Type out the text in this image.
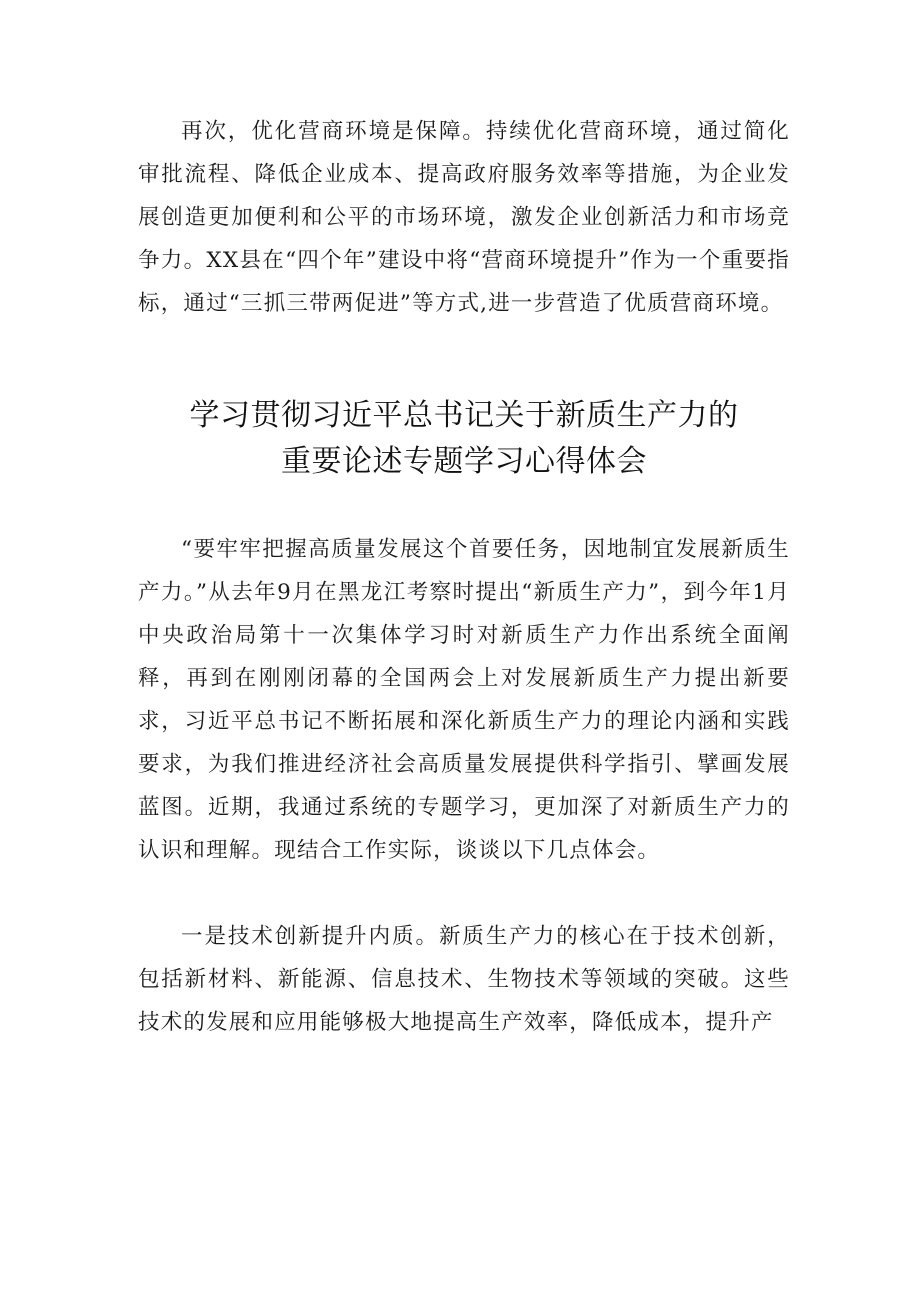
再次，优化营商环境是保障。持续优化营商环境，通过简化审批流程、降低企业成本、提高政府服务效率等措施，为企业发展创造更加便利和公平的市场环境，激发企业创新活力和市场竞争力。XX县在“四个年”建设中将“营商环境提升”作为一个重要指标，通过“三抓三带两促进”等方式,进一步营造了优质营商环境。

学习贯彻习近平总书记关于新质生产力的
重要论述专题学习心得体会

“要牢牢把握高质量发展这个首要任务，因地制宜发展新质生产力。”从去年9月在黑龙江考察时提出“新质生产力”，到今年1月中央政治局第十一次集体学习时对新质生产力作出系统全面阐释，再到在刚刚闭幕的全国两会上对发展新质生产力提出新要求，习近平总书记不断拓展和深化新质生产力的理论内涵和实践要求，为我们推进经济社会高质量发展提供科学指引、擘画发展蓝图。近期，我通过系统的专题学习，更加深了对新质生产力的认识和理解。现结合工作实际，谈谈以下几点体会。

一是技术创新提升内质。新质生产力的核心在于技术创新，包括新材料、新能源、信息技术、生物技术等领域的突破。这些技术的发展和应用能够极大地提高生产效率，降低成本，提升产
